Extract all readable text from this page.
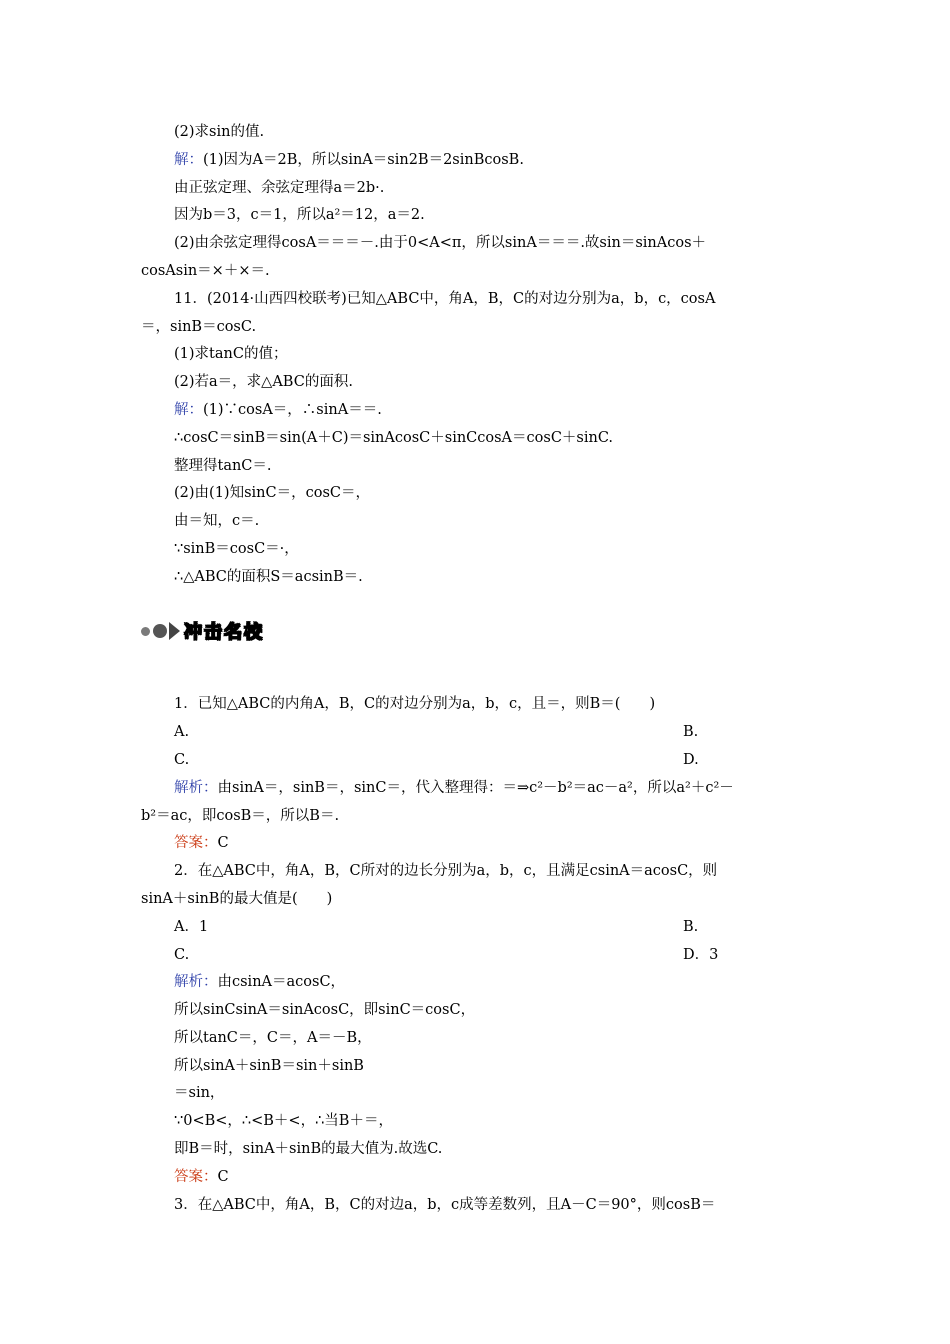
(2)求sin的值.
解：(1)因为A＝2B，所以sinA＝sin2B＝2sinBcosB.
由正弦定理、余弦定理得a＝2b·.
因为b＝3，c＝1，所以a²＝12，a＝2.
(2)由余弦定理得cosA＝＝＝－.由于0<A<π，所以sinA＝＝＝.故sin＝sinAcos＋
cosAsin＝×＋×＝.
11．(2014·山西四校联考)已知△ABC中，角A，B，C的对边分别为a，b，c，cosA
＝，sinB＝cosC.
(1)求tanC的值；
(2)若a＝，求△ABC的面积.
解：(1)∵cosA＝，∴sinA＝＝.
∴cosC＝sinB＝sin(A＋C)＝sinAcosC＋sinCcosA＝cosC＋sinC.
整理得tanC＝.
(2)由(1)知sinC＝，cosC＝，
由＝知，c＝.
∵sinB＝cosC＝·，
∴△ABC的面积S＝acsinB＝.
冲击名校
1．已知△ABC的内角A，B，C的对边分别为a，b，c，且＝，则B＝(　　)
A.	B.
C.	D.
解析：由sinA＝，sinB＝，sinC＝，代入整理得：＝⇒c²－b²＝ac－a²，所以a²＋c²－
b²＝ac，即cosB＝，所以B＝.
答案：C
2．在△ABC中，角A，B，C所对的边长分别为a，b，c，且满足csinA＝acosC，则
sinA＋sinB的最大值是(　　)
A．1	B.
C.	D．3
解析：由csinA＝acosC，
所以sinCsinA＝sinAcosC，即sinC＝cosC，
所以tanC＝，C＝，A＝－B，
所以sinA＋sinB＝sin＋sinB
＝sin，
∵0<B<，∴<B＋<，∴当B＋＝，
即B＝时，sinA＋sinB的最大值为.故选C.
答案：C
3．在△ABC中，角A，B，C的对边a，b，c成等差数列，且A－C＝90°，则cosB＝
